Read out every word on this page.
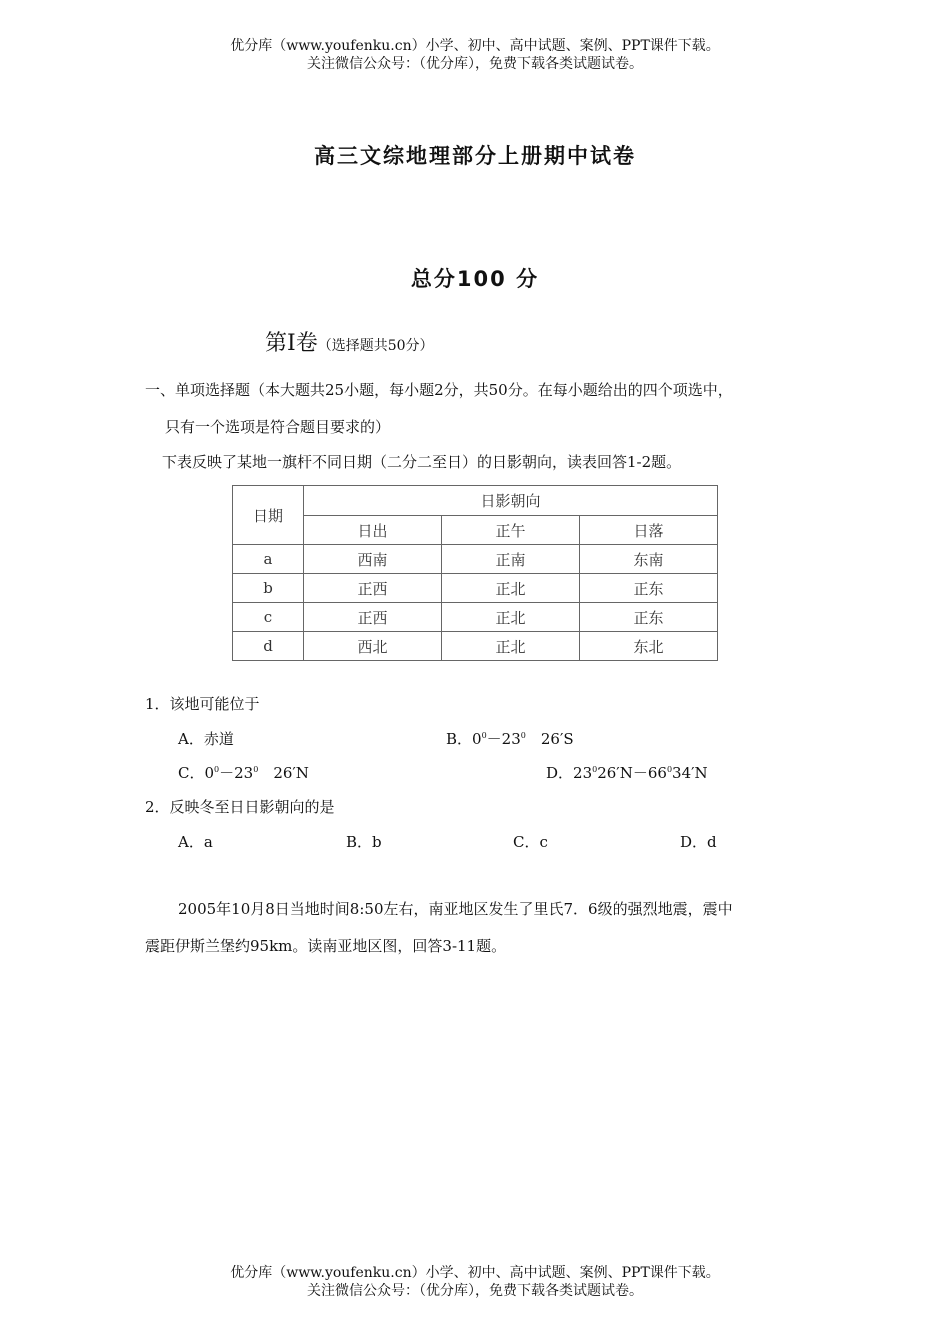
优分库（www.youfenku.cn）小学、初中、高中试题、案例、PPT课件下载。
关注微信公众号：（优分库），免费下载各类试题试卷。
高三文综地理部分上册期中试卷
总分100 分
第I卷（选择题共50分）
一、单项选择题（本大题共25小题，每小题2分，共50分。在每小题给出的四个项选中，
只有一个选项是符合题目要求的）
下表反映了某地一旗杆不同日期（二分二至日）的日影朝向，读表回答1-2题。
日期	日影朝向		
	日出	正午	日落
a	西南	正南	东南
b	正西	正北	正东
c	正西	正北	正东
d	西北	正北	东北
1．该地可能位于
A．赤道	B．$0^0-23^0$　26′S
C．$0^0-23^0$　26′N	D．$23^026'N-66^034'N$
2．反映冬至日日影朝向的是
A．a	B．b	C．c	D．d
2005年10月8日当地时间8:50左右，南亚地区发生了里氏7．6级的强烈地震，震中
震距伊斯兰堡约95km。读南亚地区图，回答3-11题。
优分库（www.youfenku.cn）小学、初中、高中试题、案例、PPT课件下载。
关注微信公众号：（优分库），免费下载各类试题试卷。
